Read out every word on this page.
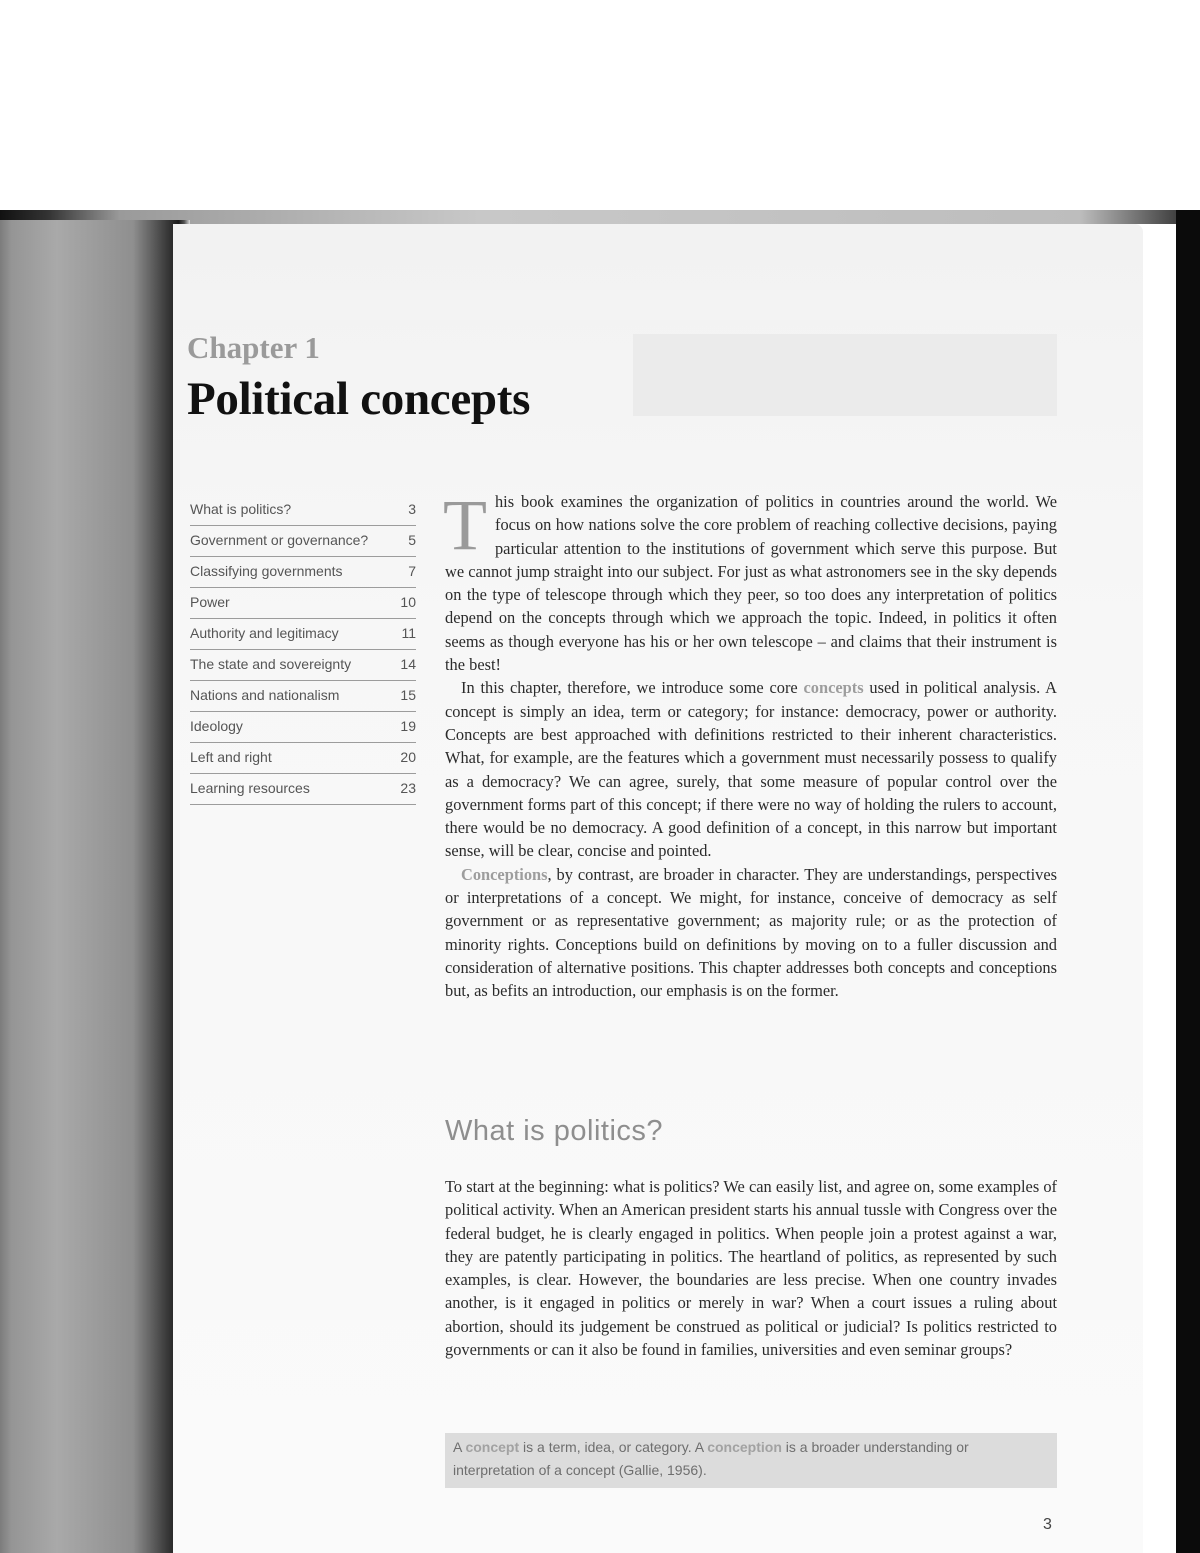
Chapter 1
Political concepts
What is politics?	3
Government or governance?	5
Classifying governments	7
Power	10
Authority and legitimacy	11
The state and sovereignty	14
Nations and nationalism	15
Ideology	19
Left and right	20
Learning resources	23

This book examines the organization of politics in countries around the world. We focus on how nations solve the core problem of reaching collective decisions, paying particular attention to the institutions of government which serve this purpose. But we cannot jump straight into our subject. For just as what astronomers see in the sky depends on the type of telescope through which they peer, so too does any interpretation of politics depend on the concepts through which we approach the topic. Indeed, in politics it often seems as though everyone has his or her own telescope – and claims that their instrument is the best!

In this chapter, therefore, we introduce some core concepts used in political analysis. A concept is simply an idea, term or category; for instance: democracy, power or authority. Concepts are best approached with definitions restricted to their inherent characteristics. What, for example, are the features which a government must necessarily possess to qualify as a democracy? We can agree, surely, that some measure of popular control over the government forms part of this concept; if there were no way of holding the rulers to account, there would be no democracy. A good definition of a concept, in this narrow but important sense, will be clear, concise and pointed.

Conceptions, by contrast, are broader in character. They are understandings, perspectives or interpretations of a concept. We might, for instance, conceive of democracy as self government or as representative government; as majority rule; or as the protection of minority rights. Conceptions build on definitions by moving on to a fuller discussion and consideration of alternative positions. This chapter addresses both concepts and conceptions but, as befits an introduction, our emphasis is on the former.

What is politics?

To start at the beginning: what is politics? We can easily list, and agree on, some examples of political activity. When an American president starts his annual tussle with Congress over the federal budget, he is clearly engaged in politics. When people join a protest against a war, they are patently participating in politics. The heartland of politics, as represented by such examples, is clear. However, the boundaries are less precise. When one country invades another, is it engaged in politics or merely in war? When a court issues a ruling about abortion, should its judgement be construed as political or judicial? Is politics restricted to governments or can it also be found in families, universities and even seminar groups?

A concept is a term, idea, or category. A conception is a broader understanding or interpretation of a concept (Gallie, 1956).
3
